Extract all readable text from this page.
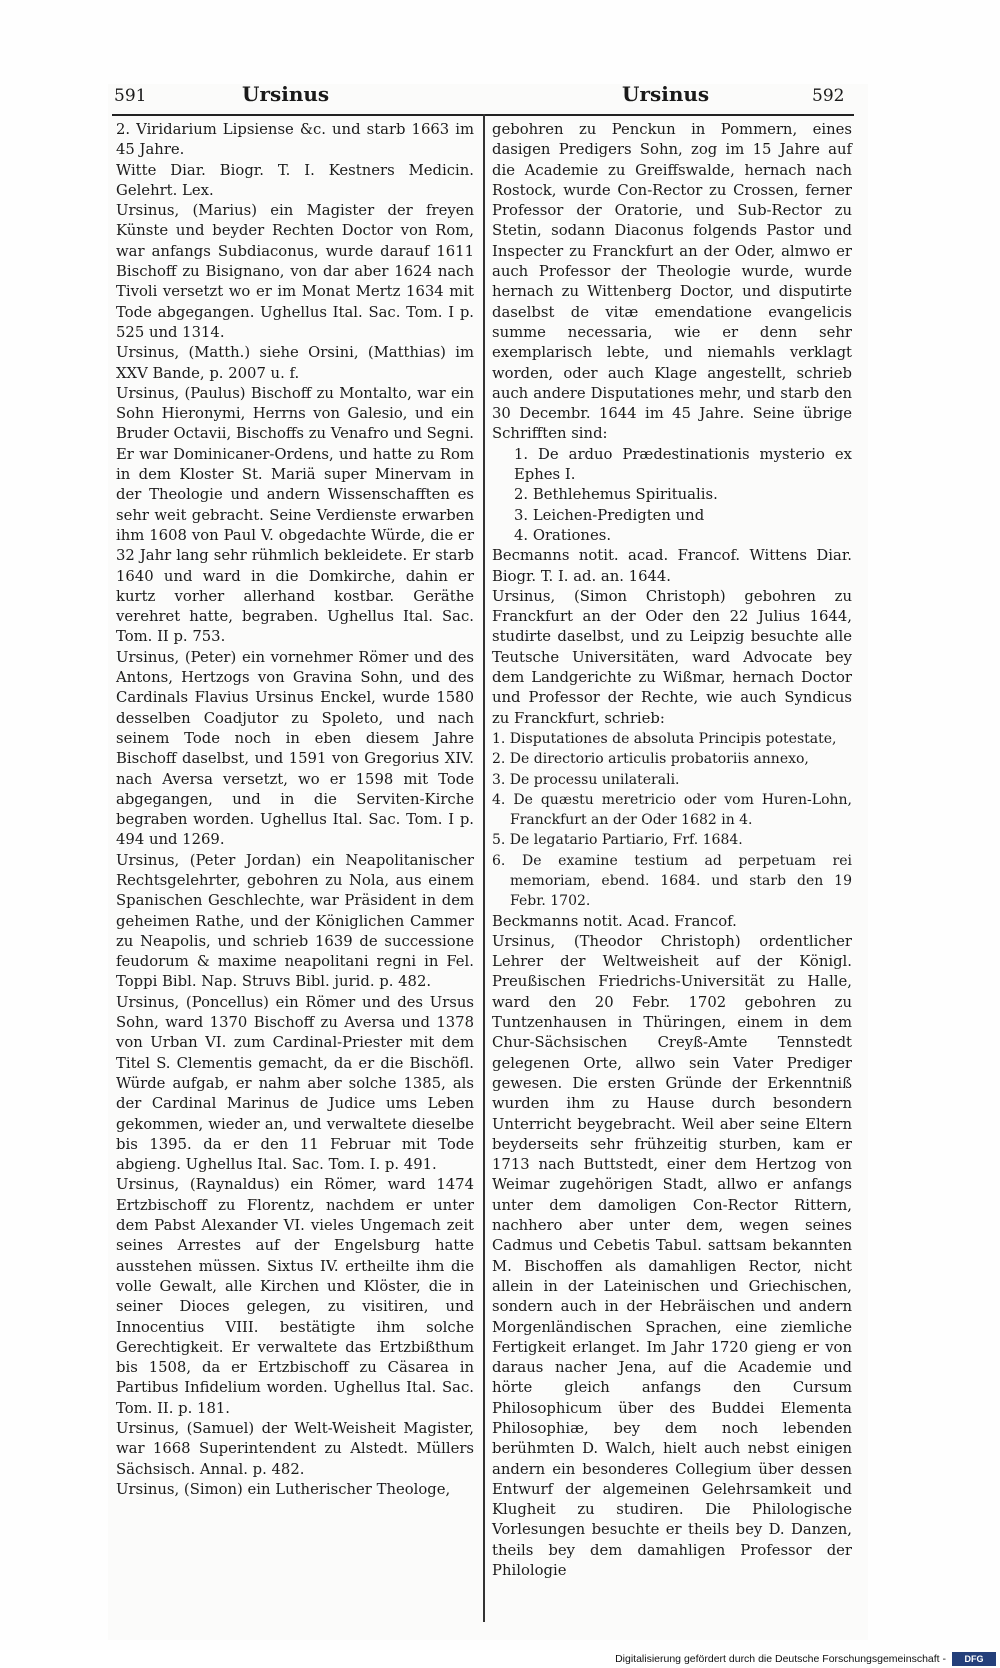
591	Ursinus	Ursinus	592

2. Viridarium Lipsiense &c. und starb 1663 im 45 Jahre.

Witte Diar. Biogr. T. I. Kestners Medicin. Gelehrt. Lex.

Ursinus, (Marius) ein Magister der freyen Künste und beyder Rechten Doctor von Rom, war anfangs Subdiaconus, wurde darauf 1611 Bischoff zu Bisignano, von dar aber 1624 nach Tivoli versetzt wo er im Monat Mertz 1634 mit Tode abgegangen. Ughellus Ital. Sac. Tom. I p. 525 und 1314.

Ursinus, (Matth.) siehe Orsini, (Matthias) im XXV Bande, p. 2007 u. f.

Ursinus, (Paulus) Bischoff zu Montalto, war ein Sohn Hieronymi, Herrns von Galesio, und ein Bruder Octavii, Bischoffs zu Venafro und Segni. Er war Dominicaner-Ordens, und hatte zu Rom in dem Kloster St. Mariä super Minervam in der Theologie und andern Wissenschafften es sehr weit gebracht. Seine Verdienste erwarben ihm 1608 von Paul V. obgedachte Würde, die er 32 Jahr lang sehr rühmlich bekleidete. Er starb 1640 und ward in die Domkirche, dahin er kurtz vorher allerhand kostbar. Geräthe verehret hatte, begraben. Ughellus Ital. Sac. Tom. II p. 753.

Ursinus, (Peter) ein vornehmer Römer und des Antons, Hertzogs von Gravina Sohn, und des Cardinals Flavius Ursinus Enckel, wurde 1580 desselben Coadjutor zu Spoleto, und nach seinem Tode noch in eben diesem Jahre Bischoff daselbst, und 1591 von Gregorius XIV. nach Aversa versetzt, wo er 1598 mit Tode abgegangen, und in die Serviten-Kirche begraben worden. Ughellus Ital. Sac. Tom. I p. 494 und 1269.

Ursinus, (Peter Jordan) ein Neapolitanischer Rechtsgelehrter, gebohren zu Nola, aus einem Spanischen Geschlechte, war Präsident in dem geheimen Rathe, und der Königlichen Cammer zu Neapolis, und schrieb 1639 de successione feudorum & maxime neapolitani regni in Fel. Toppi Bibl. Nap. Struvs Bibl. jurid. p. 482.

Ursinus, (Poncellus) ein Römer und des Ursus Sohn, ward 1370 Bischoff zu Aversa und 1378 von Urban VI. zum Cardinal-Priester mit dem Titel S. Clementis gemacht, da er die Bischöfl. Würde aufgab, er nahm aber solche 1385, als der Cardinal Marinus de Judice ums Leben gekommen, wieder an, und verwaltete dieselbe bis 1395. da er den 11 Februar mit Tode abgieng. Ughellus Ital. Sac. Tom. I. p. 491.

Ursinus, (Raynaldus) ein Römer, ward 1474 Ertzbischoff zu Florentz, nachdem er unter dem Pabst Alexander VI. vieles Ungemach zeit seines Arrestes auf der Engelsburg hatte ausstehen müssen. Sixtus IV. ertheilte ihm die volle Gewalt, alle Kirchen und Klöster, die in seiner Dioces gelegen, zu visitiren, und Innocentius VIII. bestätigte ihm solche Gerechtigkeit. Er verwaltete das Ertzbißthum bis 1508, da er Ertzbischoff zu Cäsarea in Partibus Infidelium worden. Ughellus Ital. Sac. Tom. II. p. 181.

Ursinus, (Samuel) der Welt-Weisheit Magister, war 1668 Superintendent zu Alstedt. Müllers Sächsisch. Annal. p. 482.

Ursinus, (Simon) ein Lutherischer Theologe,

gebohren zu Penckun in Pommern, eines dasigen Predigers Sohn, zog im 15 Jahre auf die Academie zu Greiffswalde, hernach nach Rostock, wurde Con-Rector zu Crossen, ferner Professor der Oratorie, und Sub-Rector zu Stetin, sodann Diaconus folgends Pastor und Inspecter zu Franckfurt an der Oder, almwo er auch Professor der Theologie wurde, wurde hernach zu Wittenberg Doctor, und disputirte daselbst de vitæ emendatione evangelicis summe necessaria, wie er denn sehr exemplarisch lebte, und niemahls verklagt worden, oder auch Klage angestellt, schrieb auch andere Disputationes mehr, und starb den 30 Decembr. 1644 im 45 Jahre. Seine übrige Schrifften sind:

1. De arduo Prædestinationis mysterio ex Ephes I.

2. Bethlehemus Spiritualis.

3. Leichen-Predigten und

4. Orationes.

Becmanns notit. acad. Francof. Wittens Diar. Biogr. T. I. ad. an. 1644.

Ursinus, (Simon Christoph) gebohren zu Franckfurt an der Oder den 22 Julius 1644, studirte daselbst, und zu Leipzig besuchte alle Teutsche Universitäten, ward Advocate bey dem Landgerichte zu Wißmar, hernach Doctor und Professor der Rechte, wie auch Syndicus zu Franckfurt, schrieb:

1. Disputationes de absoluta Principis potestate,

2. De directorio articulis probatoriis annexo,

3. De processu unilaterali.

4. De quæstu meretricio oder vom Huren-Lohn, Franckfurt an der Oder 1682 in 4.

5. De legatario Partiario, Frf. 1684.

6. De examine testium ad perpetuam rei memoriam, ebend. 1684. und starb den 19 Febr. 1702.

Beckmanns notit. Acad. Francof.

Ursinus, (Theodor Christoph) ordentlicher Lehrer der Weltweisheit auf der Königl. Preußischen Friedrichs-Universität zu Halle, ward den 20 Febr. 1702 gebohren zu Tuntzenhausen in Thüringen, einem in dem Chur-Sächsischen Creyß-Amte Tennstedt gelegenen Orte, allwo sein Vater Prediger gewesen. Die ersten Gründe der Erkenntniß wurden ihm zu Hause durch besondern Unterricht beygebracht. Weil aber seine Eltern beyderseits sehr frühzeitig sturben, kam er 1713 nach Buttstedt, einer dem Hertzog von Weimar zugehörigen Stadt, allwo er anfangs unter dem damoligen Con-Rector Rittern, nachhero aber unter dem, wegen seines Cadmus und Cebetis Tabul. sattsam bekannten M. Bischoffen als damahligen Rector, nicht allein in der Lateinischen und Griechischen, sondern auch in der Hebräischen und andern Morgenländischen Sprachen, eine ziemliche Fertigkeit erlanget. Im Jahr 1720 gieng er von daraus nacher Jena, auf die Academie und hörte gleich anfangs den Cursum Philosophicum über des Buddei Elementa Philosophiæ, bey dem noch lebenden berühmten D. Walch, hielt auch nebst einigen andern ein besonderes Collegium über dessen Entwurf der algemeinen Gelehrsamkeit und Klugheit zu studiren. Die Philologische Vorlesungen besuchte er theils bey D. Danzen, theils bey dem damahligen Professor der Philologie

Digitalisierung gefördert durch die Deutsche Forschungsgemeinschaft -	DFG
